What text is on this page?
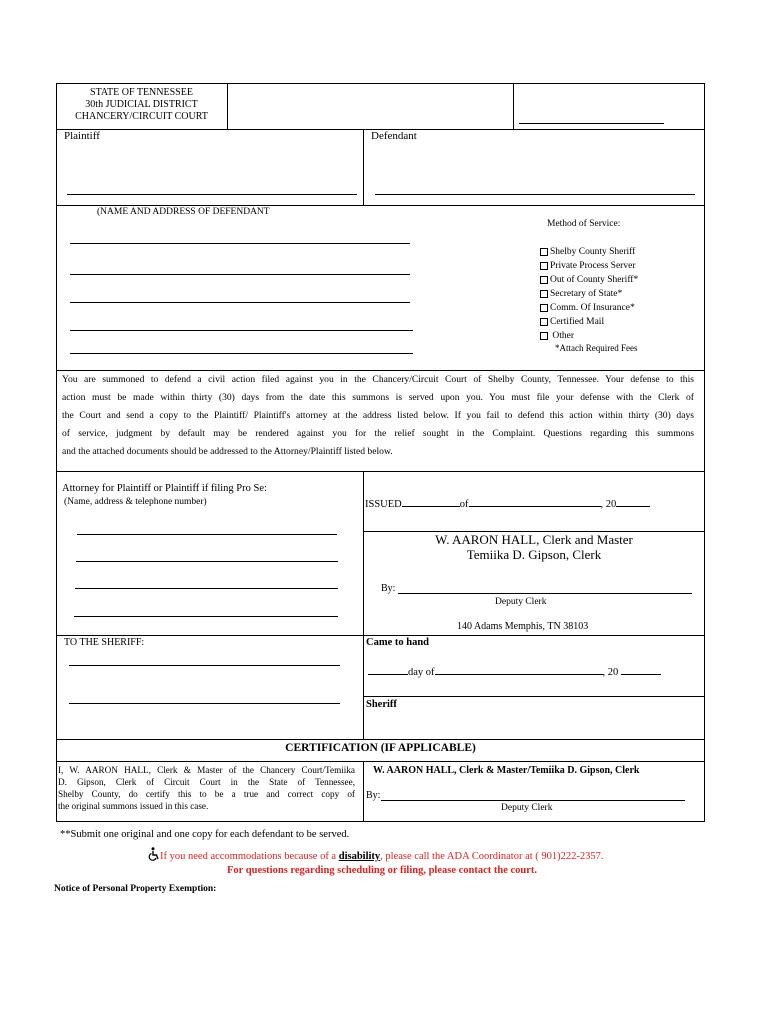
STATE OF TENNESSEE
30th JUDICIAL DISTRICT
CHANCERY/CIRCUIT COURT
Plaintiff	Defendant
(NAME AND ADDRESS OF DEFENDANT
Method of Service:
Shelby County Sheriff
Private Process Server
Out of County Sheriff*
Secretary of State*
Comm. Of Insurance*
Certified Mail
Other
*Attach Required Fees
You are summoned to defend a civil action filed against you in the Chancery/Circuit Court of Shelby County, Tennessee. Your defense to this
action must be made within thirty (30) days from the date this summons is served upon you. You must file your defense with the Clerk of
the Court and send a copy to the Plaintiff/ Plaintiff's attorney at the address listed below. If you fail to defend this action within thirty (30) days
of service, judgment by default may be rendered against you for the relief sought in the Complaint. Questions regarding this summons
and the attached documents should be addressed to the Attorney/Plaintiff listed below.
Attorney for Plaintiff or Plaintiff if filing Pro Se:
(Name, address & telephone number)	ISSUED	of	, 20
W. AARON HALL, Clerk and Master
Temiika D. Gipson, Clerk
By:
Deputy Clerk
140 Adams Memphis, TN 38103
TO THE SHERIFF:	Came to hand
day of	, 20
Sheriff
CERTIFICATION (IF APPLICABLE)
I, W. AARON HALL, Clerk & Master of the Chancery Court/Temiika
D. Gipson, Clerk of Circuit Court in the State of Tennessee,
Shelby County, do certify this to be a true and correct copy of
the original summons issued in this case.
W. AARON HALL, Clerk & Master/Temiika D. Gipson, Clerk
By:
Deputy Clerk
**Submit one original and one copy for each defendant to be served.
If you need accommodations because of a disability, please call the ADA Coordinator at ( 901)222-2357.
For questions regarding scheduling or filing, please contact the court.
Notice of Personal Property Exemption:
